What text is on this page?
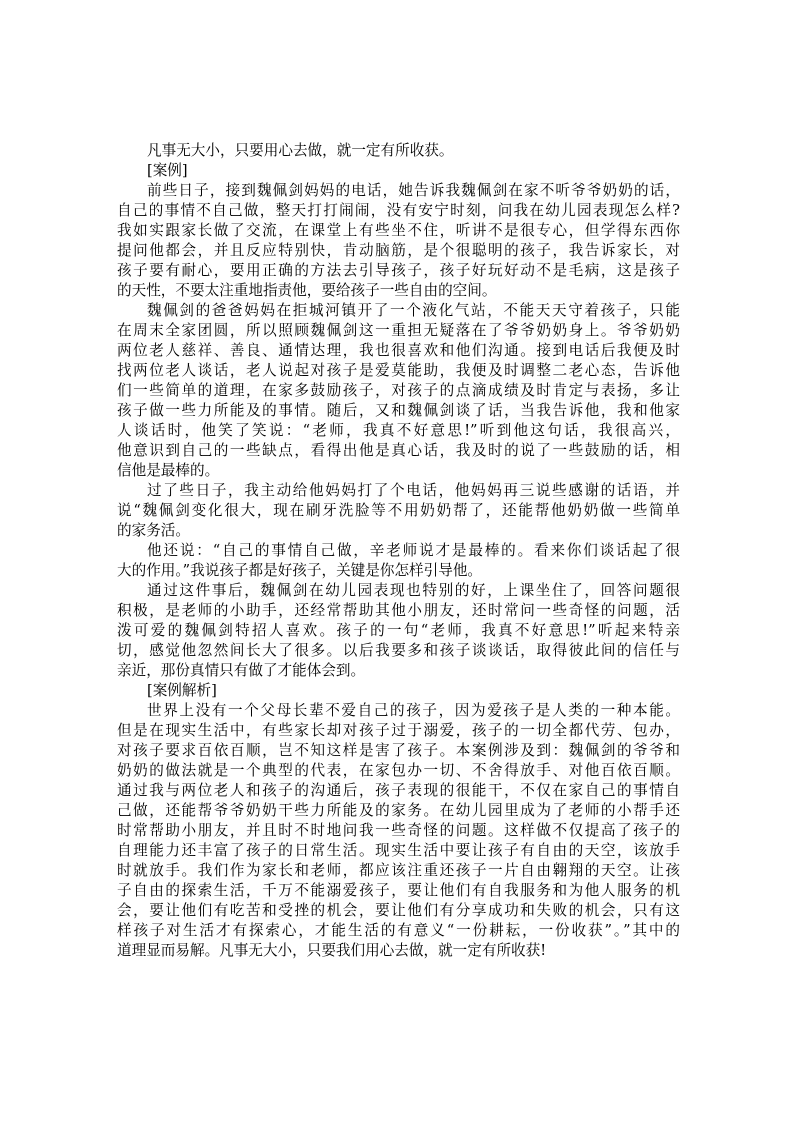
凡事无大小，只要用心去做，就一定有所收获。
[案例]
前些日子，接到魏佩剑妈妈的电话，她告诉我魏佩剑在家不听爷爷奶奶的话，
自己的事情不自己做，整天打打闹闹，没有安宁时刻，问我在幼儿园表现怎么样?
我如实跟家长做了交流，在课堂上有些坐不住，听讲不是很专心，但学得东西你
提问他都会，并且反应特别快，肯动脑筋，是个很聪明的孩子，我告诉家长，对
孩子要有耐心，要用正确的方法去引导孩子，孩子好玩好动不是毛病，这是孩子
的天性，不要太注重地指责他，要给孩子一些自由的空间。
魏佩剑的爸爸妈妈在拒城河镇开了一个液化气站，不能天天守着孩子，只能
在周末全家团圆，所以照顾魏佩剑这一重担无疑落在了爷爷奶奶身上。爷爷奶奶
两位老人慈祥、善良、通情达理，我也很喜欢和他们沟通。接到电话后我便及时
找两位老人谈话，老人说起对孩子是爱莫能助，我便及时调整二老心态，告诉他
们一些简单的道理，在家多鼓励孩子，对孩子的点滴成绩及时肯定与表扬，多让
孩子做一些力所能及的事情。随后，又和魏佩剑谈了话，当我告诉他，我和他家
人谈话时，他笑了笑说：“老师，我真不好意思!”听到他这句话，我很高兴，
他意识到自己的一些缺点，看得出他是真心话，我及时的说了一些鼓励的话，相
信他是最棒的。
过了些日子，我主动给他妈妈打了个电话，他妈妈再三说些感谢的话语，并
说“魏佩剑变化很大，现在刷牙洗脸等不用奶奶帮了，还能帮他奶奶做一些简单
的家务活。
他还说：“自己的事情自己做，辛老师说才是最棒的。看来你们谈话起了很
大的作用。”我说孩子都是好孩子，关键是你怎样引导他。
通过这件事后，魏佩剑在幼儿园表现也特别的好，上课坐住了，回答问题很
积极，是老师的小助手，还经常帮助其他小朋友，还时常问一些奇怪的问题，活
泼可爱的魏佩剑特招人喜欢。孩子的一句“老师，我真不好意思!”听起来特亲
切，感觉他忽然间长大了很多。以后我要多和孩子谈谈话，取得彼此间的信任与
亲近，那份真情只有做了才能体会到。
[案例解析]
世界上没有一个父母长辈不爱自己的孩子，因为爱孩子是人类的一种本能。
但是在现实生活中，有些家长却对孩子过于溺爱，孩子的一切全都代劳、包办，
对孩子要求百依百顺，岂不知这样是害了孩子。本案例涉及到：魏佩剑的爷爷和
奶奶的做法就是一个典型的代表，在家包办一切、不舍得放手、对他百依百顺。
通过我与两位老人和孩子的沟通后，孩子表现的很能干，不仅在家自己的事情自
己做，还能帮爷爷奶奶干些力所能及的家务。在幼儿园里成为了老师的小帮手还
时常帮助小朋友，并且时不时地问我一些奇怪的问题。这样做不仅提高了孩子的
自理能力还丰富了孩子的日常生活。现实生活中要让孩子有自由的天空，该放手
时就放手。我们作为家长和老师，都应该注重还孩子一片自由翱翔的天空。让孩
子自由的探索生活，千万不能溺爱孩子，要让他们有自我服务和为他人服务的机
会，要让他们有吃苦和受挫的机会，要让他们有分享成功和失败的机会，只有这
样孩子对生活才有探索心，才能生活的有意义“一份耕耘，一份收获”。”其中的
道理显而易解。凡事无大小，只要我们用心去做，就一定有所收获!
